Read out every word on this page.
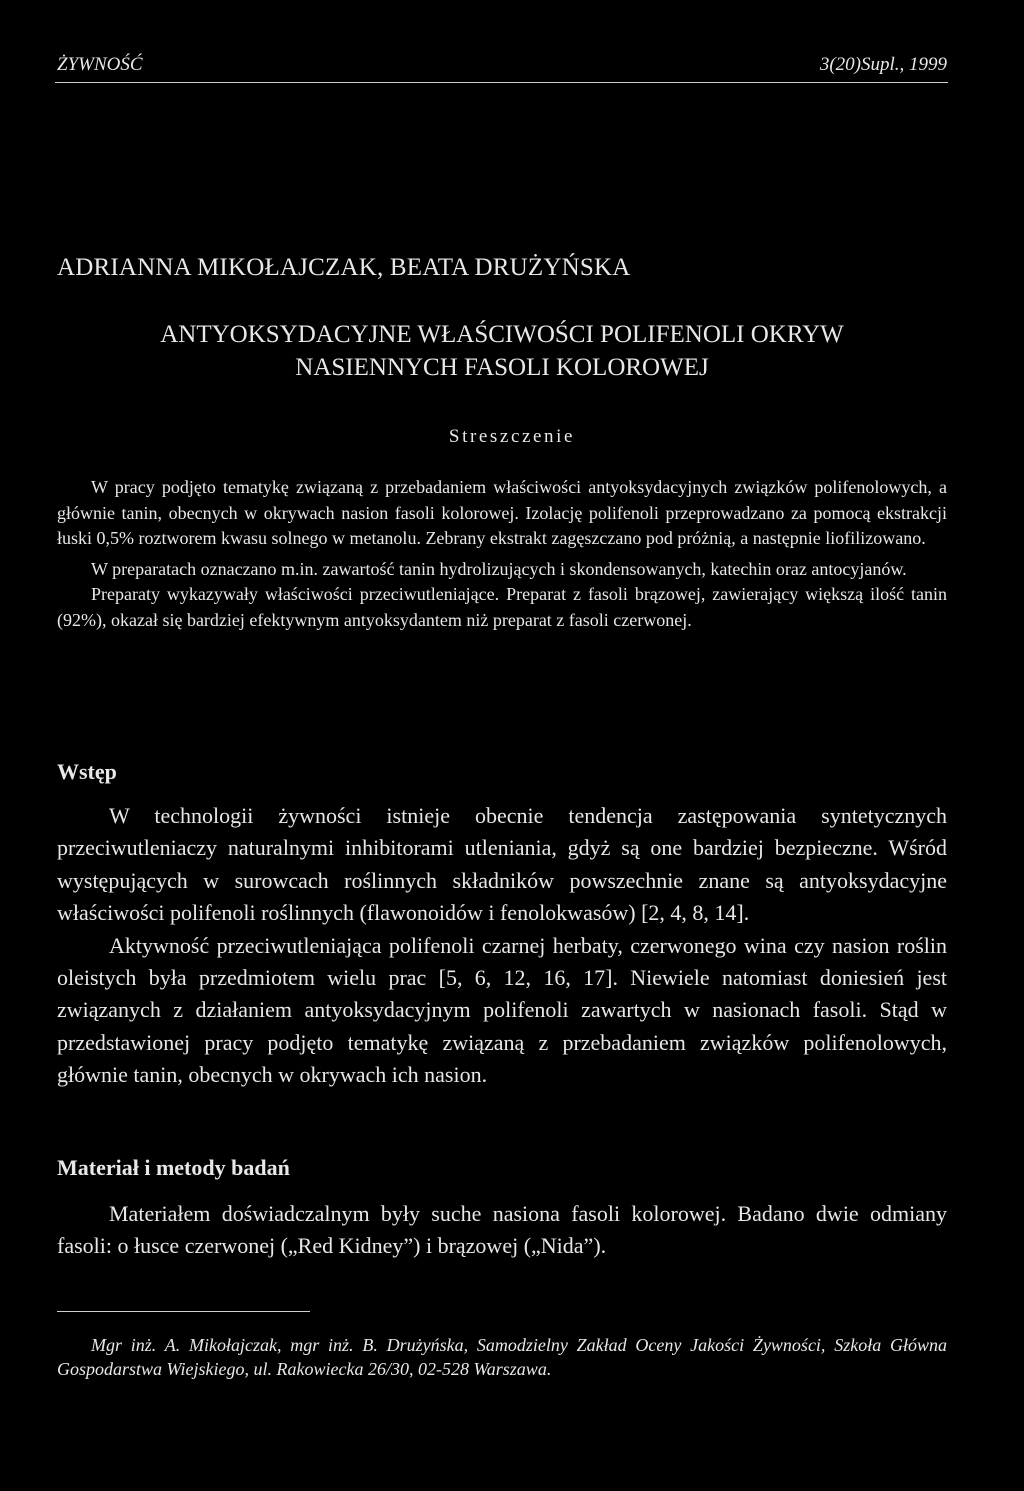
ŻYWNOŚĆ	3(20)Supl., 1999
ADRIANNA MIKOŁAJCZAK, BEATA DRUŻYŃSKA
ANTYOKSYDACYJNE WŁAŚCIWOŚCI POLIFENOLI OKRYW
NASIENNYCH FASOLI KOLOROWEJ
Streszczenie

W pracy podjęto tematykę związaną z przebadaniem właściwości antyoksydacyjnych związków polifenolowych, a głównie tanin, obecnych w okrywach nasion fasoli kolorowej. Izolację polifenoli przeprowadzano za pomocą ekstrakcji łuski 0,5% roztworem kwasu solnego w metanolu. Zebrany ekstrakt zagęszczano pod próżnią, a następnie liofilizowano.

W preparatach oznaczano m.in. zawartość tanin hydrolizujących i skondensowanych, katechin oraz antocyjanów.

Preparaty wykazywały właściwości przeciwutleniające. Preparat z fasoli brązowej, zawierający większą ilość tanin (92%), okazał się bardziej efektywnym antyoksydantem niż preparat z fasoli czerwonej.

Wstęp

W technologii żywności istnieje obecnie tendencja zastępowania syntetycznych przeciwutleniaczy naturalnymi inhibitorami utleniania, gdyż są one bardziej bezpieczne. Wśród występujących w surowcach roślinnych składników powszechnie znane są antyoksydacyjne właściwości polifenoli roślinnych (flawonoidów i fenolokwasów) [2, 4, 8, 14].

Aktywność przeciwutleniająca polifenoli czarnej herbaty, czerwonego wina czy nasion roślin oleistych była przedmiotem wielu prac [5, 6, 12, 16, 17]. Niewiele natomiast doniesień jest związanych z działaniem antyoksydacyjnym polifenoli zawartych w nasionach fasoli. Stąd w przedstawionej pracy podjęto tematykę związaną z przebadaniem związków polifenolowych, głównie tanin, obecnych w okrywach ich nasion.

Materiał i metody badań

Materiałem doświadczalnym były suche nasiona fasoli kolorowej. Badano dwie odmiany fasoli: o łusce czerwonej („Red Kidney”) i brązowej („Nida”).

Mgr inż. A. Mikołajczak, mgr inż. B. Drużyńska, Samodzielny Zakład Oceny Jakości Żywności, Szkoła Główna Gospodarstwa Wiejskiego, ul. Rakowiecka 26/30, 02-528 Warszawa.
